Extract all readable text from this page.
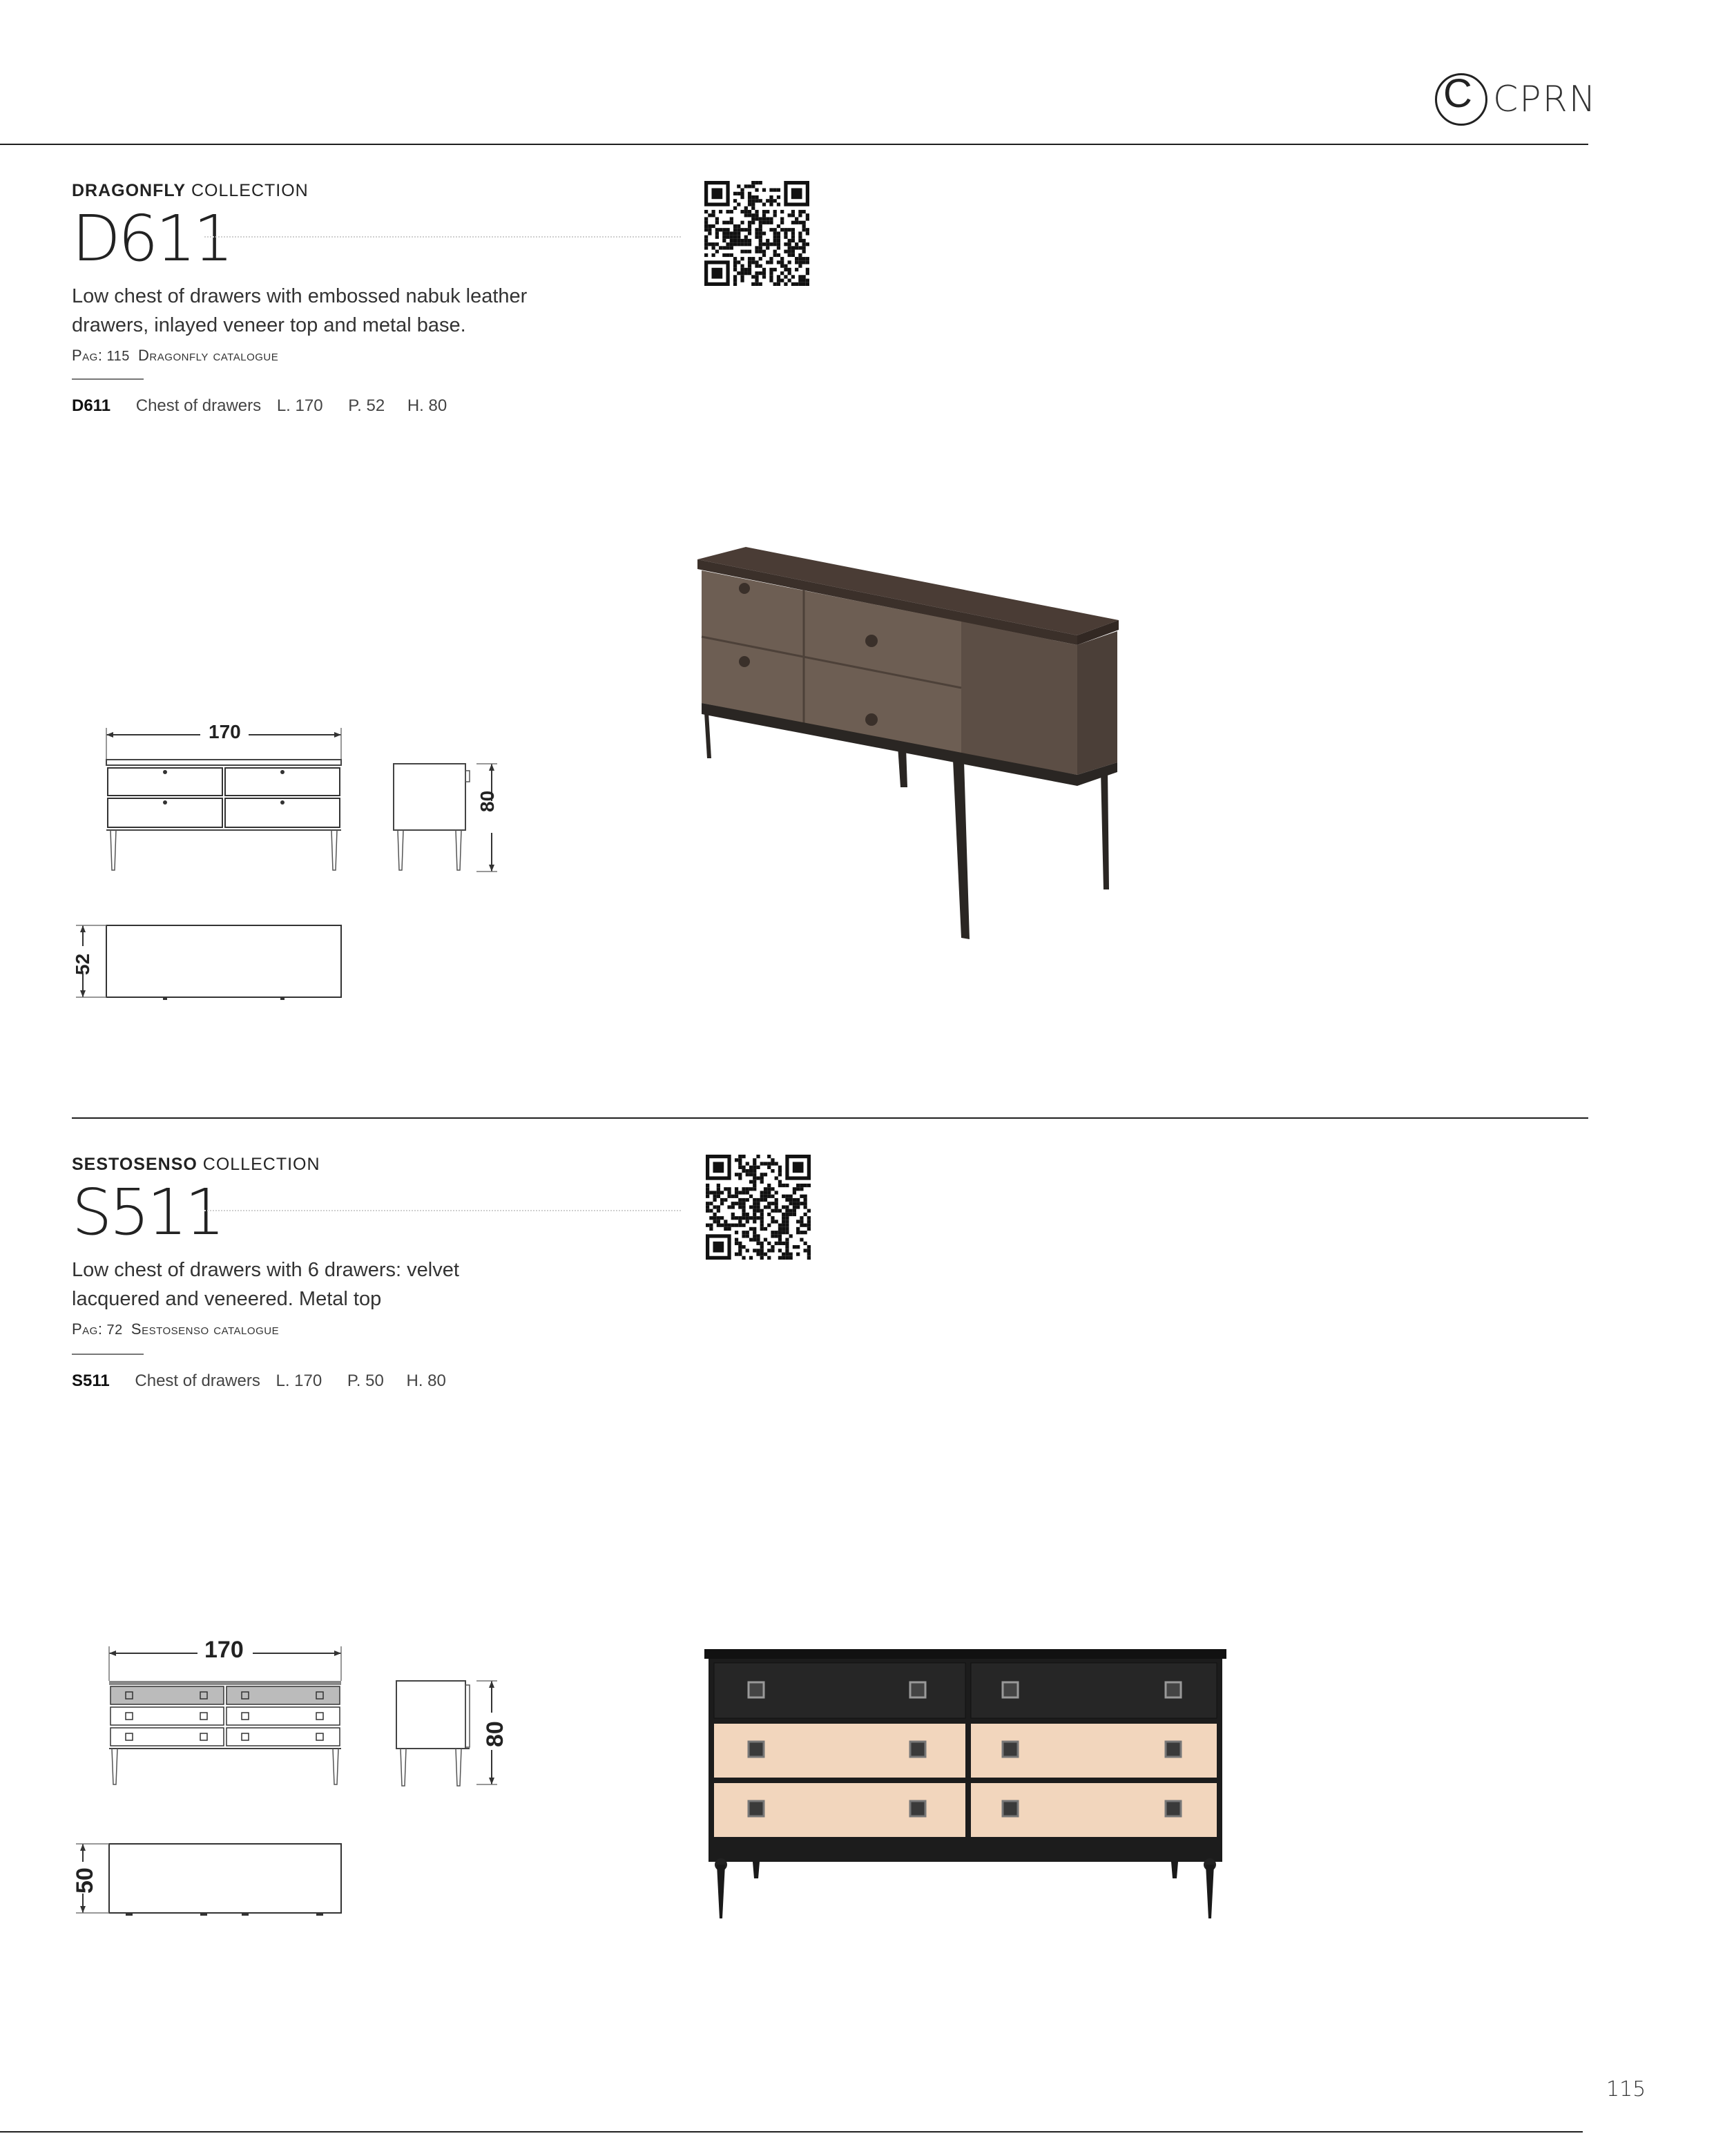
C CPRN
DRAGONFLY COLLECTION
D611
Low chest of drawers with embossed nabuk leather drawers, inlayed veneer top and metal base.
Pag: 115 Dragonfly catalogue
D611 Chest of drawers L. 170 P. 52 H. 80
170
80
52
SESTOSENSO COLLECTION
S511
Low chest of drawers with 6 drawers: velvet lacquered and veneered. Metal top
Pag: 72 Sestosenso catalogue
S511 Chest of drawers L. 170 P. 50 H. 80
170
80
50
115
